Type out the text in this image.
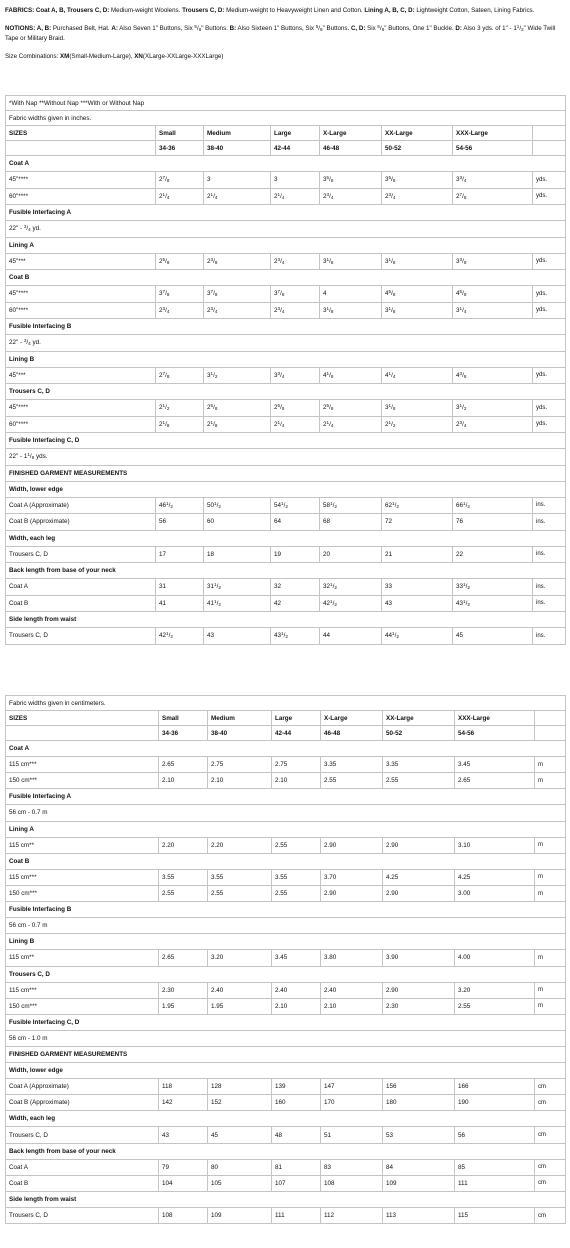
FABRICS: Coat A, B, Trousers C, D: Medium-weight Woolens. Trousers C, D: Medium-weight to Heavyweight Linen and Cotton. Lining A, B, C, D: Lightweight Cotton, Sateen, Lining Fabrics.

NOTIONS: A, B: Purchased Belt, Hat. A: Also Seven 1" Buttons, Six $^5/_8$" Buttons. B: Also Sixteen 1" Buttons, Six $^5/_8$" Buttons. C, D: Six $^5/_8$" Buttons, One 1" Buckle. D: Also 3 yds. of 1" - $1^1/_2$" Wide Twill Tape or Military Braid.

Size Combinations: XM(Small-Medium-Large), XN(XLarge-XXLarge-XXXLarge)

*With Nap **Without Nap ***With or Without Nap							
Fabric widths given in inches.							
SIZES	Small	Medium	Large	X-Large	XX-Large	XXX-Large	
	34-36	38-40	42-44	46-48	50-52	54-56	
Coat A							
45"****	$2^7/_8$	3	3	$3^5/_8$	$3^5/_8$	$3^3/_4$	yds.
60"****	$2^1/_4$	$2^1/_4$	$2^1/_4$	$2^3/_4$	$2^3/_4$	$2^7/_8$	yds.
Fusible Interfacing A							
22" - $^3/_4$ yd.							
Lining A							
45"***	$2^5/_8$	$2^3/_8$	$2^3/_4$	$3^1/_8$	$3^1/_8$	$3^3/_8$	yds.
Coat B							
45"****	$3^7/_8$	$3^7/_8$	$3^7/_8$	4	$4^5/_8$	$4^5/_8$	yds.
60"****	$2^3/_4$	$2^3/_4$	$2^3/_4$	$3^1/_8$	$3^1/_8$	$3^1/_4$	yds.
Fusible Interfacing B							
22" - $^3/_4$ yd.							
Lining B							
45"***	$2^7/_8$	$3^1/_2$	$3^3/_4$	$4^1/_8$	$4^1/_4$	$4^3/_8$	yds.
Trousers C, D							
45"****	$2^1/_2$	$2^5/_8$	$2^5/_8$	$2^5/_8$	$3^1/_8$	$3^1/_2$	yds.
60"****	$2^1/_8$	$2^1/_8$	$2^1/_4$	$2^1/_4$	$2^1/_2$	$2^3/_4$	yds.
Fusible Interfacing C, D							
22" - $1^1/_8$ yds.							
FINISHED GARMENT MEASUREMENTS							
Width, lower edge							
Coat A (Approximate)	$46^1/_2$	$50^1/_2$	$54^1/_2$	$58^1/_2$	$62^1/_2$	$66^1/_2$	ins.
Coat B (Approximate)	56	60	64	68	72	76	ins.
Width, each leg							
Trousers C, D	17	18	19	20	21	22	ins.
Back length from base of your neck							
Coat A	31	$31^1/_2$	32	$32^1/_2$	33	$33^1/_2$	ins.
Coat B	41	$41^1/_2$	42	$42^1/_2$	43	$43^1/_2$	ins.
Side length from waist							
Trousers C, D	$42^1/_2$	43	$43^1/_2$	44	$44^1/_2$	45	ins.
Fabric widths given in centimeters.							
SIZES	Small	Medium	Large	X-Large	XX-Large	XXX-Large	
	34-36	38-40	42-44	46-48	50-52	54-56	
Coat A							
115 cm***	2.65	2.75	2.75	3.35	3.35	3.45	m
150 cm***	2.10	2.10	2.10	2.55	2.55	2.65	m
Fusible Interfacing A							
56 cm - 0.7 m							
Lining A							
115 cm**	2.20	2.20	2.55	2.90	2.90	3.10	m
Coat B							
115 cm***	3.55	3.55	3.55	3.70	4.25	4.25	m
150 cm***	2.55	2.55	2.55	2.90	2.90	3.00	m
Fusible Interfacing B							
56 cm - 0.7 m							
Lining B							
115 cm**	2.65	3.20	3.45	3.80	3.90	4.00	m
Trousers C, D							
115 cm***	2.30	2.40	2.40	2.40	2.90	3.20	m
150 cm***	1.95	1.95	2.10	2.10	2.30	2.55	m
Fusible Interfacing C, D							
56 cm - 1.0 m							
FINISHED GARMENT MEASUREMENTS							
Width, lower edge							
Coat A (Approximate)	118	128	139	147	156	166	cm
Coat B (Approximate)	142	152	160	170	180	190	cm
Width, each leg							
Trousers C, D	43	45	48	51	53	56	cm
Back length from base of your neck							
Coat A	79	80	81	83	84	85	cm
Coat B	104	105	107	108	109	111	cm
Side length from waist							
Trousers C, D	108	109	111	112	113	115	cm
